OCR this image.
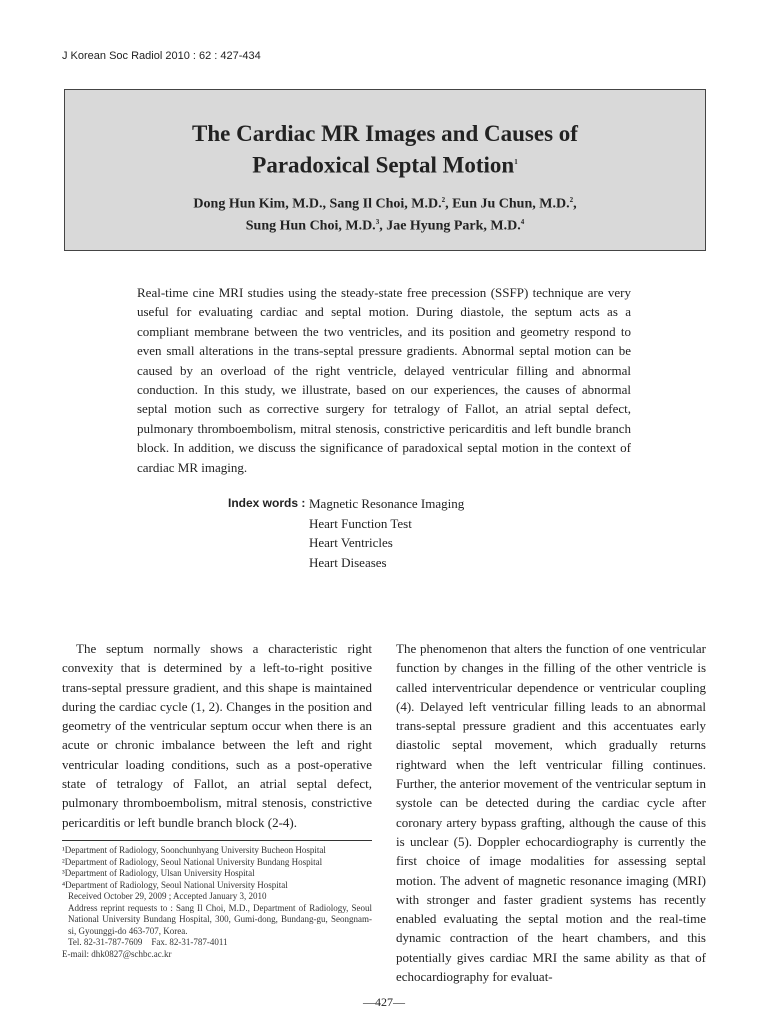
J Korean Soc Radiol 2010 : 62 : 427-434
The Cardiac MR Images and Causes of
Paradoxical Septal Motion$^1$
Dong Hun Kim, M.D., Sang Il Choi, M.D.$^2$, Eun Ju Chun, M.D.$^2$,
Sung Hun Choi, M.D.$^3$, Jae Hyung Park, M.D.$^4$

Real-time cine MRI studies using the steady-state free precession (SSFP) technique are very useful for evaluating cardiac and septal motion. During diastole, the septum acts as a compliant membrane between the two ventricles, and its position and geometry respond to even small alterations in the trans-septal pressure gradients. Abnormal septal motion can be caused by an overload of the right ventricle, delayed ventricular filling and abnormal conduction. In this study, we illustrate, based on our experiences, the causes of abnormal septal motion such as corrective surgery for tetralogy of Fallot, an atrial septal defect, pulmonary thromboembolism, mitral stenosis, constrictive pericarditis and left bundle branch block. In addition, we discuss the significance of paradoxical septal motion in the context of cardiac MR imaging.

Index words : Magnetic Resonance Imaging
Heart Function Test
Heart Ventricles
Heart Diseases

The septum normally shows a characteristic right convexity that is determined by a left-to-right positive trans-septal pressure gradient, and this shape is maintained during the cardiac cycle (1, 2). Changes in the position and geometry of the ventricular septum occur when there is an acute or chronic imbalance between the left and right ventricular loading conditions, such as a post-operative state of tetralogy of Fallot, an atrial septal defect, pulmonary thromboembolism, mitral stenosis, constrictive pericarditis or left bundle branch block (2-4).

The phenomenon that alters the function of one ventricular function by changes in the filling of the other ventricle is called interventricular dependence or ventricular coupling (4). Delayed left ventricular filling leads to an abnormal trans-septal pressure gradient and this accentuates early diastolic septal movement, which gradually returns rightward when the left ventricular filling continues. Further, the anterior movement of the ventricular septum in systole can be detected during the cardiac cycle after coronary artery bypass grafting, although the cause of this is unclear (5). Doppler echocardiography is currently the first choice of image modalities for assessing septal motion. The advent of magnetic resonance imaging (MRI) with stronger and faster gradient systems has recently enabled evaluating the septal motion and the real-time dynamic contraction of the heart chambers, and this potentially gives cardiac MRI the same ability as that of echocardiography for evaluat-

¹Department of Radiology, Soonchunhyang University Bucheon Hospital
²Department of Radiology, Seoul National University Bundang Hospital
³Department of Radiology, Ulsan University Hospital
⁴Department of Radiology, Seoul National University Hospital
Received October 29, 2009 ; Accepted January 3, 2010
Address reprint requests to : Sang Il Choi, M.D., Department of Radiology, Seoul National University Bundang Hospital, 300, Gumi-dong, Bundang-gu, Seongnam-si, Gyounggi-do 463-707, Korea.
Tel. 82-31-787-7609    Fax. 82-31-787-4011
E-mail: dhk0827@schbc.ac.kr
—427—
